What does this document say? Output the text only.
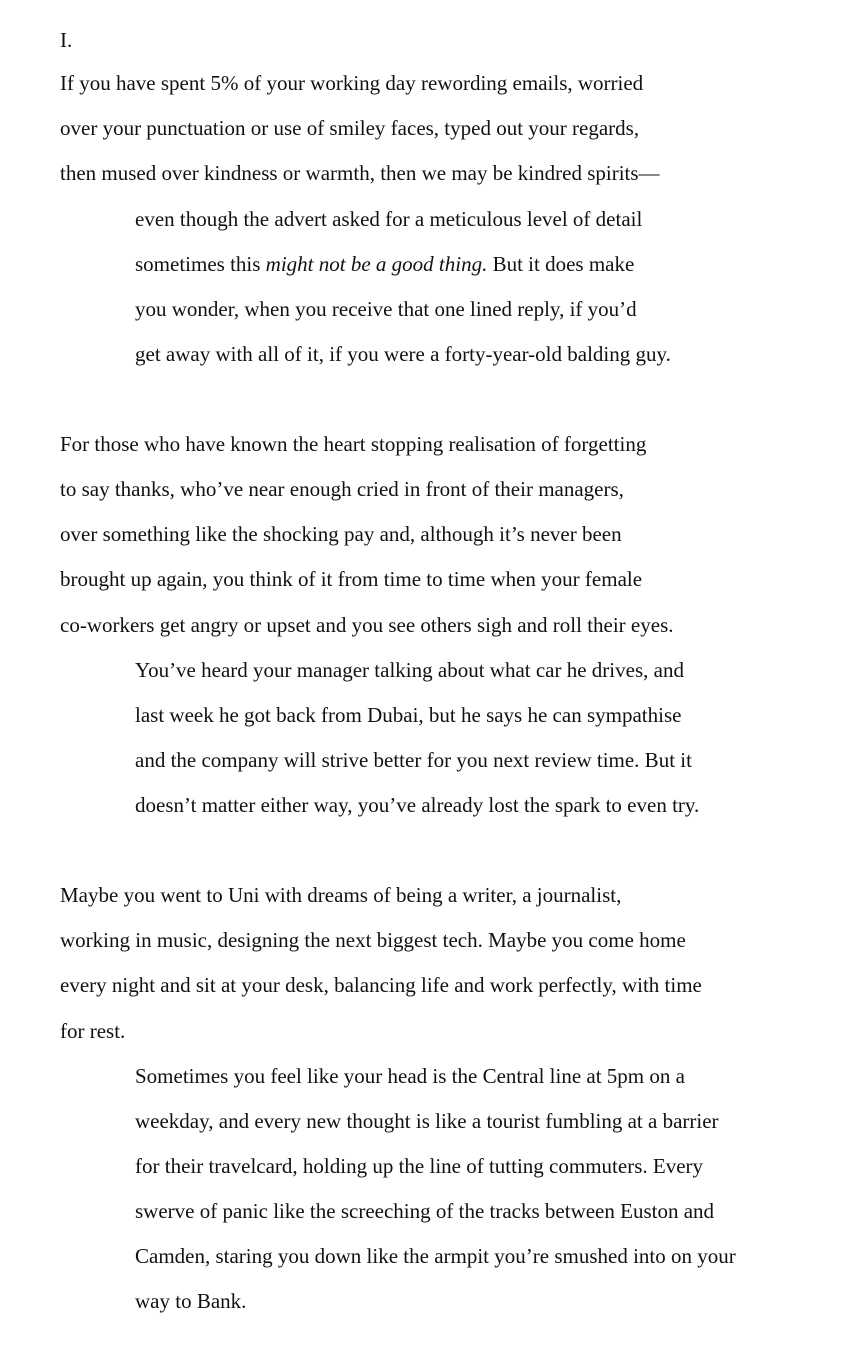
I.
If you have spent 5% of your working day rewording emails, worried
over your punctuation or use of smiley faces, typed out your regards,
then mused over kindness or warmth, then we may be kindred spirits—
even though the advert asked for a meticulous level of detail
sometimes this might not be a good thing. But it does make
you wonder, when you receive that one lined reply, if you’d
get away with all of it, if you were a forty-year-old balding guy.
For those who have known the heart stopping realisation of forgetting
to say thanks, who’ve near enough cried in front of their managers,
over something like the shocking pay and, although it’s never been
brought up again, you think of it from time to time when your female
co-workers get angry or upset and you see others sigh and roll their eyes.
You’ve heard your manager talking about what car he drives, and
last week he got back from Dubai, but he says he can sympathise
and the company will strive better for you next review time. But it
doesn’t matter either way, you’ve already lost the spark to even try.
Maybe you went to Uni with dreams of being a writer, a journalist,
working in music, designing the next biggest tech. Maybe you come home
every night and sit at your desk, balancing life and work perfectly, with time
for rest.
Sometimes you feel like your head is the Central line at 5pm on a
weekday, and every new thought is like a tourist fumbling at a barrier
for their travelcard, holding up the line of tutting commuters. Every
swerve of panic like the screeching of the tracks between Euston and
Camden, staring you down like the armpit you’re smushed into on your
way to Bank.
